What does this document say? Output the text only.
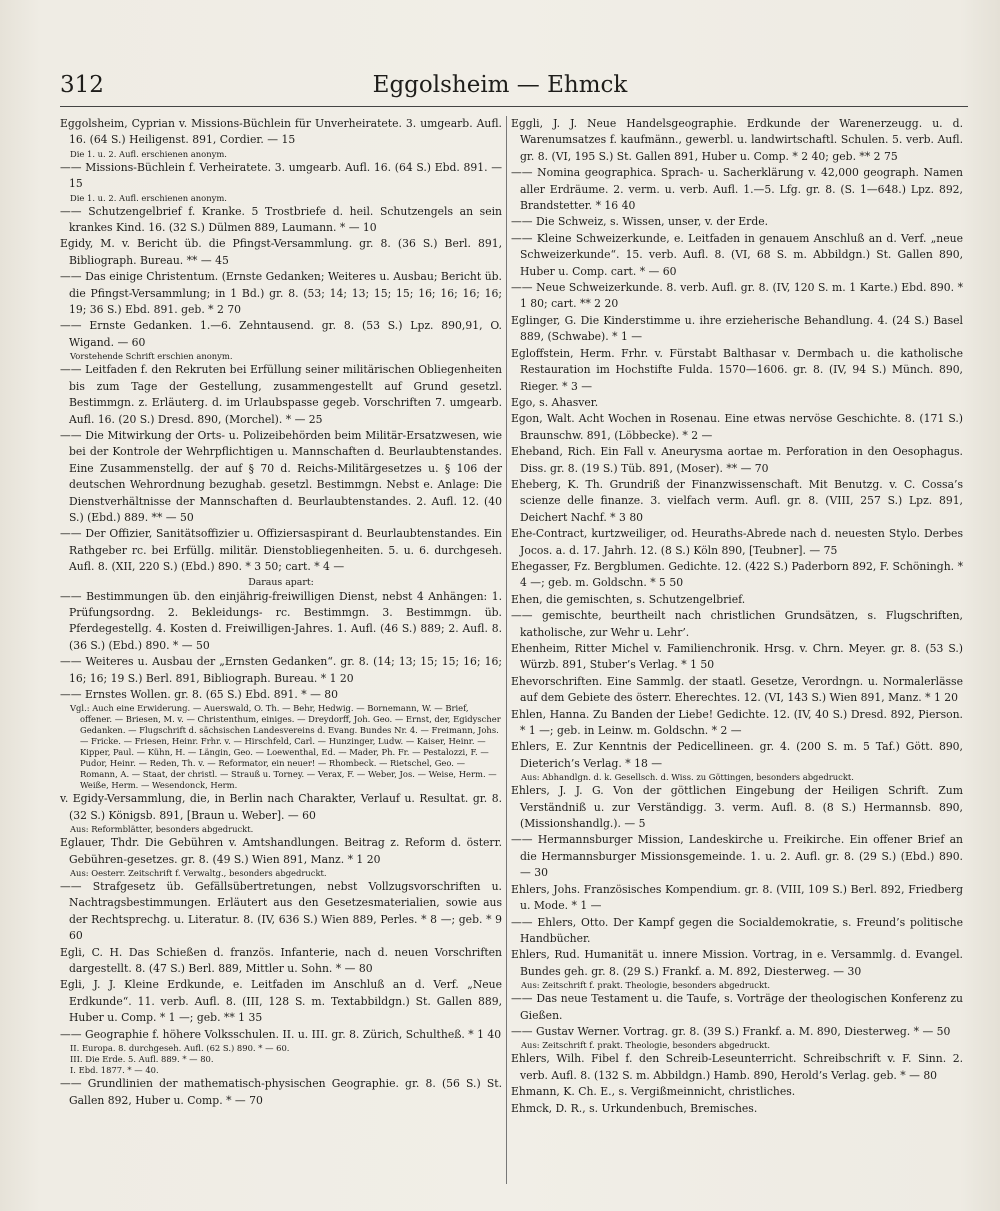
312	Eggolsheim — Ehmck
Eggolsheim, Cyprian v. Missions-Büchlein für Unverheiratete. 3. umgearb. Aufl. 16. (64 S.) Heiligenst. 891, Cordier. — 15
Die 1. u. 2. Aufl. erschienen anonym.
—— Missions-Büchlein f. Verheiratete. 3. umgearb. Aufl. 16. (64 S.) Ebd. 891. — 15
Die 1. u. 2. Aufl. erschienen anonym.
—— Schutzengelbrief f. Kranke. 5 Trostbriefe d. heil. Schutzengels an sein krankes Kind. 16. (32 S.) Dülmen 889, Laumann. * — 10
Egidy, M. v. Bericht üb. die Pfingst-Versammlung. gr. 8. (36 S.) Berl. 891, Bibliograph. Bureau. ** — 45
—— Das einige Christentum. (Ernste Gedanken; Weiteres u. Ausbau; Bericht üb. die Pfingst-Versammlung; in 1 Bd.) gr. 8. (53; 14; 13; 15; 15; 16; 16; 16; 16; 19; 36 S.) Ebd. 891. geb. * 2 70
—— Ernste Gedanken. 1.—6. Zehntausend. gr. 8. (53 S.) Lpz. 890,91, O. Wigand. — 60
Vorstehende Schrift erschien anonym.
—— Leitfaden f. den Rekruten bei Erfüllung seiner militärischen Obliegenheiten bis zum Tage der Gestellung, zusammengestellt auf Grund gesetzl. Bestimmgn. z. Erläuterg. d. im Urlaubspasse gegeb. Vorschriften 7. umgearb. Aufl. 16. (20 S.) Dresd. 890, (Morchel). * — 25
—— Die Mitwirkung der Orts- u. Polizeibehörden beim Militär-Ersatzwesen, wie bei der Kontrole der Wehrpflichtigen u. Mannschaften d. Beurlaubtenstandes. Eine Zusammenstellg. der auf § 70 d. Reichs-Militärgesetzes u. § 106 der deutschen Wehrordnung bezughab. gesetzl. Bestimmgn. Nebst e. Anlage: Die Dienstverhältnisse der Mannschaften d. Beurlaubtenstandes. 2. Aufl. 12. (40 S.) (Ebd.) 889. ** — 50
—— Der Offizier, Sanitätsoffizier u. Offiziersaspirant d. Beurlaubtenstandes. Ein Rathgeber rc. bei Erfüllg. militär. Dienstobliegenheiten. 5. u. 6. durchgeseh. Aufl. 8. (XII, 220 S.) (Ebd.) 890. * 3 50; cart. * 4 —
Daraus apart:
—— Bestimmungen üb. den einjährig-freiwilligen Dienst, nebst 4 Anhängen: 1. Prüfungsordng. 2. Bekleidungs- rc. Bestimmgn. 3. Bestimmgn. üb. Pferdegestellg. 4. Kosten d. Freiwilligen-Jahres. 1. Aufl. (46 S.) 889; 2. Aufl. 8. (36 S.) (Ebd.) 890. * — 50
—— Weiteres u. Ausbau der „Ernsten Gedanken“. gr. 8. (14; 13; 15; 15; 16; 16; 16; 16; 19 S.) Berl. 891, Bibliograph. Bureau. * 1 20
—— Ernstes Wollen. gr. 8. (65 S.) Ebd. 891. * — 80
Vgl.: Auch eine Erwiderung. — Auerswald, O. Th. — Behr, Hedwig. — Bornemann, W. — Brief, offener. — Briesen, M. v. — Christenthum, einiges. — Dreydorff, Joh. Geo. — Ernst, der, Egidyscher Gedanken. — Flugschrift d. sächsischen Landesvereins d. Evang. Bundes Nr. 4. — Freimann, Johs. — Fricke. — Friesen, Heinr. Frhr. v. — Hirschfeld, Carl. — Hunzinger, Ludw. — Kaiser, Heinr. — Kipper, Paul. — Kühn, H. — Längin, Geo. — Loewenthal, Ed. — Mader, Ph. Fr. — Pestalozzi, F. — Pudor, Heinr. — Reden, Th. v. — Reformator, ein neuer! — Rhombeck. — Rietschel, Geo. — Romann, A. — Staat, der christl. — Strauß u. Torney. — Verax, F. — Weber, Jos. — Weise, Herm. — Weiße, Herm. — Wesendonck, Herm.
v. Egidy-Versammlung, die, in Berlin nach Charakter, Verlauf u. Resultat. gr. 8. (32 S.) Königsb. 891, [Braun u. Weber]. — 60
Aus: Reformblätter, besonders abgedruckt.
Eglauer, Thdr. Die Gebühren v. Amtshandlungen. Beitrag z. Reform d. österr. Gebühren-gesetzes. gr. 8. (49 S.) Wien 891, Manz. * 1 20
Aus: Oesterr. Zeitschrift f. Verwaltg., besonders abgedruckt.
—— Strafgesetz üb. Gefällsübertretungen, nebst Vollzugsvorschriften u. Nachtragsbestimmungen. Erläutert aus den Gesetzesmaterialien, sowie aus der Rechtsprechg. u. Literatur. 8. (IV, 636 S.) Wien 889, Perles. * 8 —; geb. * 9 60
Egli, C. H. Das Schießen d. französ. Infanterie, nach d. neuen Vorschriften dargestellt. 8. (47 S.) Berl. 889, Mittler u. Sohn. * — 80
Egli, J. J. Kleine Erdkunde, e. Leitfaden im Anschluß an d. Verf. „Neue Erdkunde“. 11. verb. Aufl. 8. (III, 128 S. m. Textabbildgn.) St. Gallen 889, Huber u. Comp. * 1 —; geb. ** 1 35
—— Geographie f. höhere Volksschulen. II. u. III. gr. 8. Zürich, Schultheß. * 1 40
II. Europa. 8. durchgeseh. Aufl. (62 S.) 890. * — 60.
III. Die Erde. 5. Aufl. 889. * — 80.
I. Ebd. 1877. * — 40.
—— Grundlinien der mathematisch-physischen Geographie. gr. 8. (56 S.) St. Gallen 892, Huber u. Comp. * — 70
Eggli, J. J. Neue Handelsgeographie. Erdkunde der Warenerzeugg. u. d. Warenumsatzes f. kaufmänn., gewerbl. u. landwirtschaftl. Schulen. 5. verb. Aufl. gr. 8. (VI, 195 S.) St. Gallen 891, Huber u. Comp. * 2 40; geb. ** 2 75
—— Nomina geographica. Sprach- u. Sacherklärung v. 42,000 geograph. Namen aller Erdräume. 2. verm. u. verb. Aufl. 1.—5. Lfg. gr. 8. (S. 1—648.) Lpz. 892, Brandstetter. * 16 40
—— Die Schweiz, s. Wissen, unser, v. der Erde.
—— Kleine Schweizerkunde, e. Leitfaden in genauem Anschluß an d. Verf. „neue Schweizerkunde“. 15. verb. Aufl. 8. (VI, 68 S. m. Abbildgn.) St. Gallen 890, Huber u. Comp. cart. * — 60
—— Neue Schweizerkunde. 8. verb. Aufl. gr. 8. (IV, 120 S. m. 1 Karte.) Ebd. 890. * 1 80; cart. ** 2 20
Eglinger, G. Die Kinderstimme u. ihre erzieherische Behandlung. 4. (24 S.) Basel 889, (Schwabe). * 1 —
Egloffstein, Herm. Frhr. v. Fürstabt Balthasar v. Dermbach u. die katholische Restauration im Hochstifte Fulda. 1570—1606. gr. 8. (IV, 94 S.) Münch. 890, Rieger. * 3 —
Ego, s. Ahasver.
Egon, Walt. Acht Wochen in Rosenau. Eine etwas nervöse Geschichte. 8. (171 S.) Braunschw. 891, (Löbbecke). * 2 —
Eheband, Rich. Ein Fall v. Aneurysma aortae m. Perforation in den Oesophagus. Diss. gr. 8. (19 S.) Tüb. 891, (Moser). ** — 70
Eheberg, K. Th. Grundriß der Finanzwissenschaft. Mit Benutzg. v. C. Cossa’s scienze delle finanze. 3. vielfach verm. Aufl. gr. 8. (VIII, 257 S.) Lpz. 891, Deichert Nachf. * 3 80
Ehe-Contract, kurtzweiliger, od. Heuraths-Abrede nach d. neuesten Stylo. Derbes Jocos. a. d. 17. Jahrh. 12. (8 S.) Köln 890, [Teubner]. — 75
Ehegasser, Fz. Bergblumen. Gedichte. 12. (422 S.) Paderborn 892, F. Schöningh. * 4 —; geb. m. Goldschn. * 5 50
Ehen, die gemischten, s. Schutzengelbrief.
—— gemischte, beurtheilt nach christlichen Grundsätzen, s. Flugschriften, katholische, zur Wehr u. Lehr’.
Ehenheim, Ritter Michel v. Familienchronik. Hrsg. v. Chrn. Meyer. gr. 8. (53 S.) Würzb. 891, Stuber’s Verlag. * 1 50
Ehevorschriften. Eine Sammlg. der staatl. Gesetze, Verordngn. u. Normalerlässe auf dem Gebiete des österr. Eherechtes. 12. (VI, 143 S.) Wien 891, Manz. * 1 20
Ehlen, Hanna. Zu Banden der Liebe! Gedichte. 12. (IV, 40 S.) Dresd. 892, Pierson. * 1 —; geb. in Leinw. m. Goldschn. * 2 —
Ehlers, E. Zur Kenntnis der Pedicellineen. gr. 4. (200 S. m. 5 Taf.) Gött. 890, Dieterich’s Verlag. * 18 —
Aus: Abhandlgn. d. k. Gesellsch. d. Wiss. zu Göttingen, besonders abgedruckt.
Ehlers, J. J. G. Von der göttlichen Eingebung der Heiligen Schrift. Zum Verständniß u. zur Verständigg. 3. verm. Aufl. 8. (8 S.) Hermannsb. 890, (Missionshandlg.). — 5
—— Hermannsburger Mission, Landeskirche u. Freikirche. Ein offener Brief an die Hermannsburger Missionsgemeinde. 1. u. 2. Aufl. gr. 8. (29 S.) (Ebd.) 890. — 30
Ehlers, Johs. Französisches Kompendium. gr. 8. (VIII, 109 S.) Berl. 892, Friedberg u. Mode. * 1 —
—— Ehlers, Otto. Der Kampf gegen die Socialdemokratie, s. Freund’s politische Handbücher.
Ehlers, Rud. Humanität u. innere Mission. Vortrag, in e. Versammlg. d. Evangel. Bundes geh. gr. 8. (29 S.) Frankf. a. M. 892, Diesterweg. — 30
Aus: Zeitschrift f. prakt. Theologie, besonders abgedruckt.
—— Das neue Testament u. die Taufe, s. Vorträge der theologischen Konferenz zu Gießen.
—— Gustav Werner. Vortrag. gr. 8. (39 S.) Frankf. a. M. 890, Diesterweg. * — 50
Aus: Zeitschrift f. prakt. Theologie, besonders abgedruckt.
Ehlers, Wilh. Fibel f. den Schreib-Leseunterricht. Schreibschrift v. F. Sinn. 2. verb. Aufl. 8. (132 S. m. Abbildgn.) Hamb. 890, Herold’s Verlag. geb. * — 80
Ehmann, K. Ch. E., s. Vergißmeinnicht, christliches.
Ehmck, D. R., s. Urkundenbuch, Bremisches.
